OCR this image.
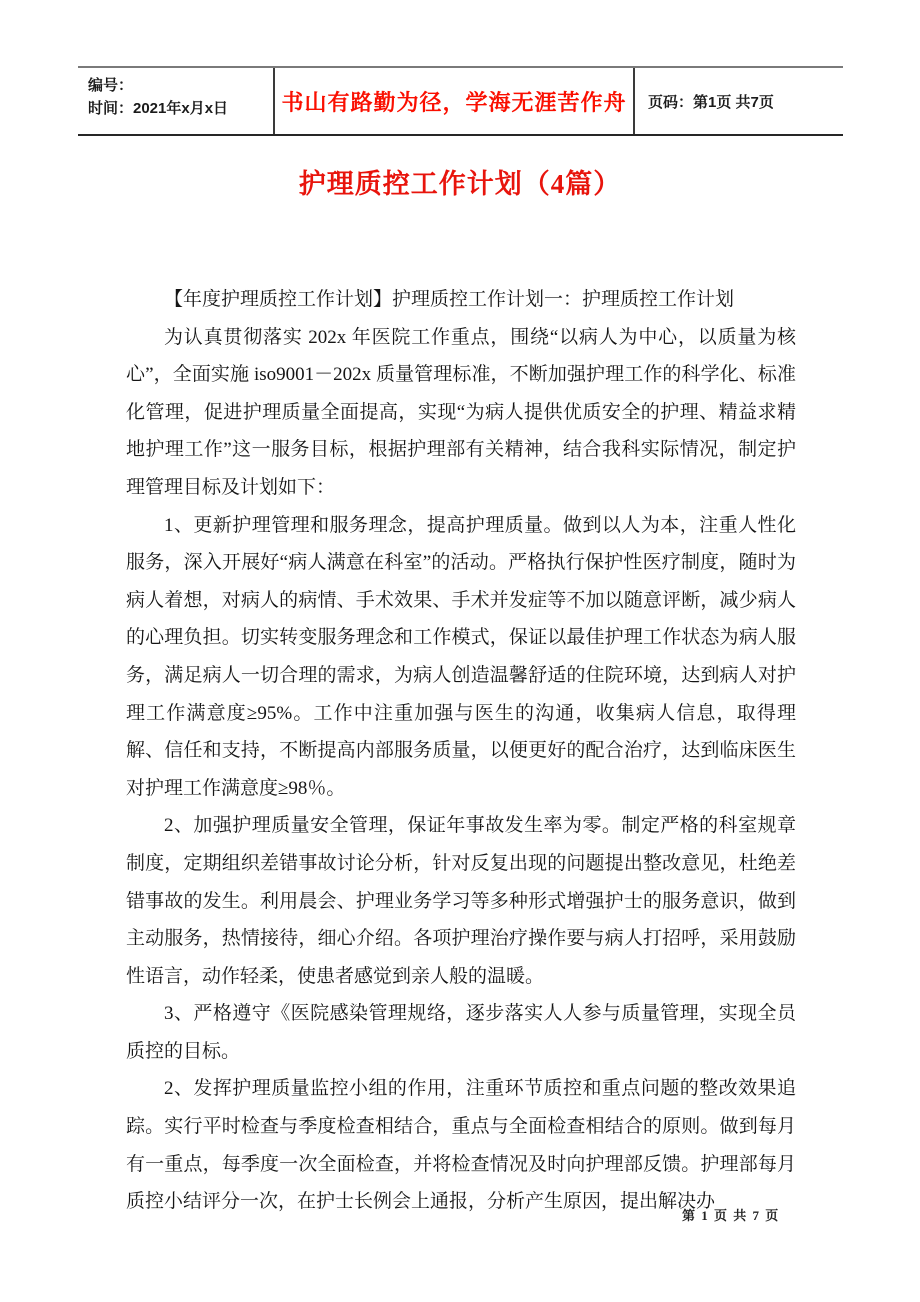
编号：
时间：2021年x月x日	书山有路勤为径，学海无涯苦作舟 页码：第1页 共7页
护理质控工作计划（4篇）

【年度护理质控工作计划】护理质控工作计划一：护理质控工作计划

为认真贯彻落实 202x 年医院工作重点，围绕“以病人为中心，以质量为核心”，全面实施 iso9001－202x 质量管理标准，不断加强护理工作的科学化、标准化管理，促进护理质量全面提高，实现“为病人提供优质安全的护理、精益求精地护理工作”这一服务目标，根据护理部有关精神，结合我科实际情况，制定护理管理目标及计划如下：

1、更新护理管理和服务理念，提高护理质量。做到以人为本，注重人性化服务，深入开展好“病人满意在科室”的活动。严格执行保护性医疗制度，随时为病人着想，对病人的病情、手术效果、手术并发症等不加以随意评断，减少病人的心理负担。切实转变服务理念和工作模式，保证以最佳护理工作状态为病人服务，满足病人一切合理的需求，为病人创造温馨舒适的住院环境，达到病人对护理工作满意度≥95%。工作中注重加强与医生的沟通，收集病人信息，取得理解、信任和支持，不断提高内部服务质量，以便更好的配合治疗，达到临床医生对护理工作满意度≥98％。

2、加强护理质量安全管理，保证年事故发生率为零。制定严格的科室规章制度，定期组织差错事故讨论分析，针对反复出现的问题提出整改意见，杜绝差错事故的发生。利用晨会、护理业务学习等多种形式增强护士的服务意识，做到主动服务，热情接待，细心介绍。各项护理治疗操作要与病人打招呼，采用鼓励性语言，动作轻柔，使患者感觉到亲人般的温暖。

3、严格遵守《医院感染管理规络，逐步落实人人参与质量管理，实现全员质控的目标。

2、发挥护理质量监控小组的作用，注重环节质控和重点问题的整改效果追踪。实行平时检查与季度检查相结合，重点与全面检查相结合的原则。做到每月有一重点，每季度一次全面检查，并将检查情况及时向护理部反馈。护理部每月质控小结评分一次，在护士长例会上通报，分析产生原因，提出解决办

第 1 页 共 7 页
